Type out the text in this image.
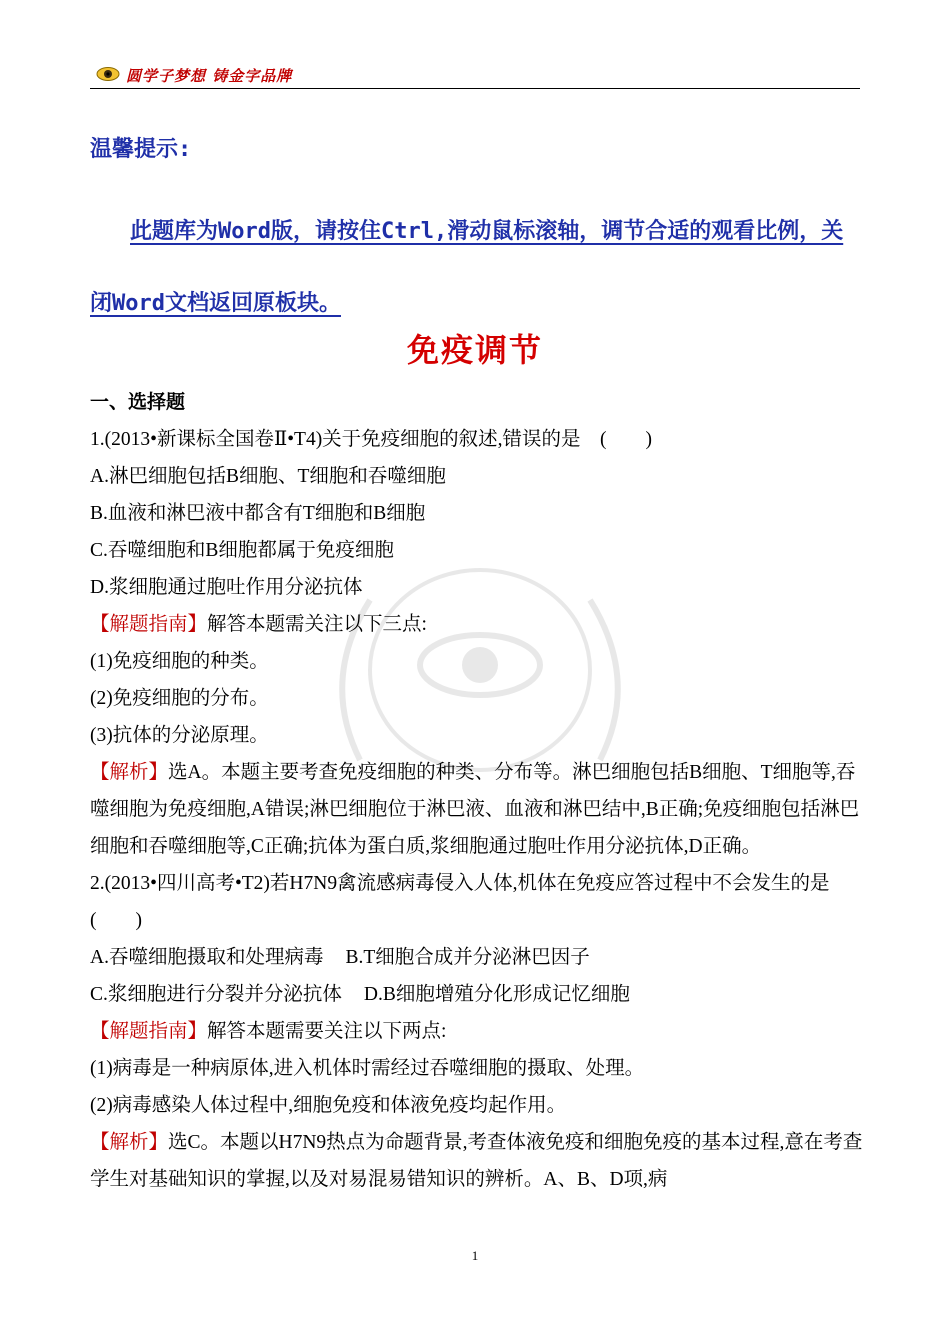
圆学子梦想 铸金字品牌
温馨提示:
此题库为Word版，请按住Ctrl,滑动鼠标滚轴，调节合适的观看比例，关闭Word文档返回原板块。
免疫调节

一、选择题

1.(2013•新课标全国卷Ⅱ•T4)关于免疫细胞的叙述,错误的是　(　　)

A.淋巴细胞包括B细胞、T细胞和吞噬细胞

B.血液和淋巴液中都含有T细胞和B细胞

C.吞噬细胞和B细胞都属于免疫细胞

D.浆细胞通过胞吐作用分泌抗体

【解题指南】解答本题需关注以下三点:

(1)免疫细胞的种类。

(2)免疫细胞的分布。

(3)抗体的分泌原理。

【解析】选A。本题主要考查免疫细胞的种类、分布等。淋巴细胞包括B细胞、T细胞等,吞噬细胞为免疫细胞,A错误;淋巴细胞位于淋巴液、血液和淋巴结中,B正确;免疫细胞包括淋巴细胞和吞噬细胞等,C正确;抗体为蛋白质,浆细胞通过胞吐作用分泌抗体,D正确。

2.(2013•四川高考•T2)若H7N9禽流感病毒侵入人体,机体在免疫应答过程中不会发生的是　(　　)

A.吞噬细胞摄取和处理病毒 B.T细胞合成并分泌淋巴因子

C.浆细胞进行分裂并分泌抗体 D.B细胞增殖分化形成记忆细胞

【解题指南】解答本题需要关注以下两点:

(1)病毒是一种病原体,进入机体时需经过吞噬细胞的摄取、处理。

(2)病毒感染人体过程中,细胞免疫和体液免疫均起作用。

【解析】选C。本题以H7N9热点为命题背景,考查体液免疫和细胞免疫的基本过程,意在考查学生对基础知识的掌握,以及对易混易错知识的辨析。A、B、D项,病

1
